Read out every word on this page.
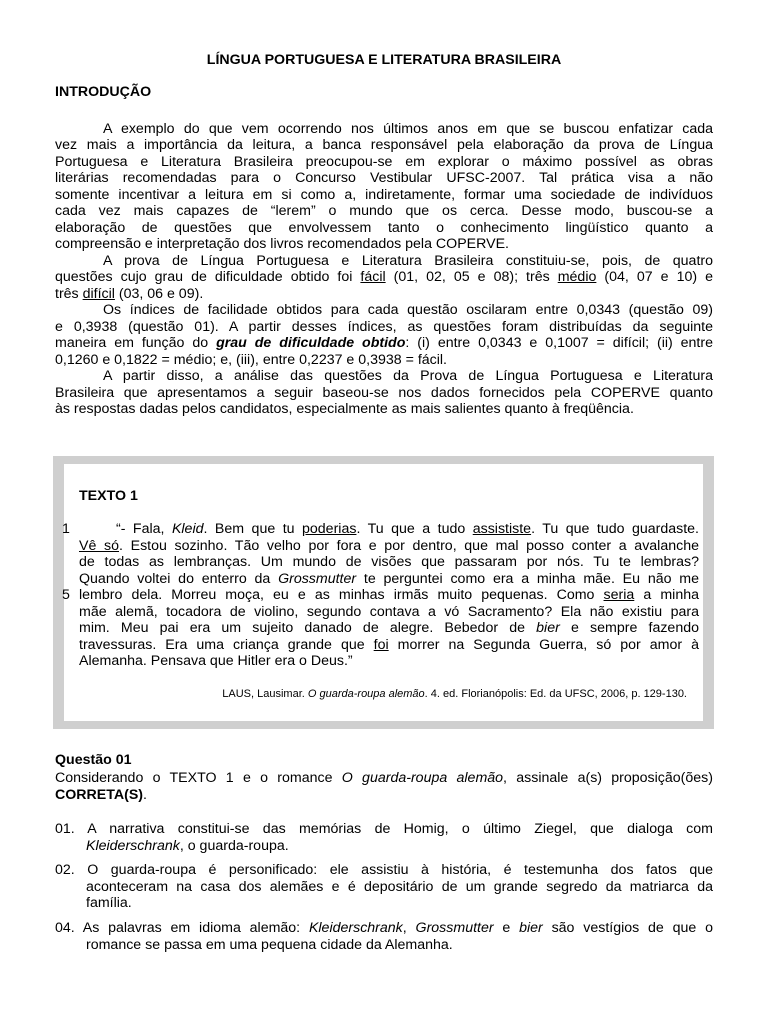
LÍNGUA PORTUGUESA E LITERATURA BRASILEIRA
INTRODUÇÃO
A exemplo do que vem ocorrendo nos últimos anos em que se buscou enfatizar cada
vez mais a importância da leitura, a banca responsável pela elaboração da prova de Língua
Portuguesa e Literatura Brasileira preocupou-se em explorar o máximo possível as obras
literárias recomendadas para o Concurso Vestibular UFSC-2007. Tal prática visa a não
somente incentivar a leitura em si como a, indiretamente, formar uma sociedade de indivíduos
cada vez mais capazes de “lerem” o mundo que os cerca. Desse modo, buscou-se a
elaboração de questões que envolvessem tanto o conhecimento lingüístico quanto a
compreensão e interpretação dos livros recomendados pela COPERVE.
A prova de Língua Portuguesa e Literatura Brasileira constituiu-se, pois, de quatro
questões cujo grau de dificuldade obtido foi fácil (01, 02, 05 e 08); três médio (04, 07 e 10) e
três difícil (03, 06 e 09).
Os índices de facilidade obtidos para cada questão oscilaram entre 0,0343 (questão 09)
e 0,3938 (questão 01). A partir desses índices, as questões foram distribuídas da seguinte
maneira em função do grau de dificuldade obtido: (i) entre 0,0343 e 0,1007 = difícil; (ii) entre
0,1260 e 0,1822 = médio; e, (iii), entre 0,2237 e 0,3938 = fácil.
A partir disso, a análise das questões da Prova de Língua Portuguesa e Literatura
Brasileira que apresentamos a seguir baseou-se nos dados fornecidos pela COPERVE quanto
às respostas dadas pelos candidatos, especialmente as mais salientes quanto à freqüência.
TEXTO 1
1
5
“- Fala, Kleid. Bem que tu poderias. Tu que a tudo assististe. Tu que tudo guardaste.
Vê só. Estou sozinho. Tão velho por fora e por dentro, que mal posso conter a avalanche
de todas as lembranças. Um mundo de visões que passaram por nós. Tu te lembras?
Quando voltei do enterro da Grossmutter te perguntei como era a minha mãe. Eu não me
lembro dela. Morreu moça, eu e as minhas irmãs muito pequenas. Como seria a minha
mãe alemã, tocadora de violino, segundo contava a vó Sacramento? Ela não existiu para
mim. Meu pai era um sujeito danado de alegre. Bebedor de bier e sempre fazendo
travessuras. Era uma criança grande que foi morrer na Segunda Guerra, só por amor à
Alemanha. Pensava que Hitler era o Deus.”
LAUS, Lausimar. O guarda-roupa alemão. 4. ed. Florianópolis: Ed. da UFSC, 2006, p. 129-130.
Questão 01
Considerando o TEXTO 1 e o romance O guarda-roupa alemão, assinale a(s) proposição(ões)
CORRETA(S).
01. A narrativa constitui-se das memórias de Homig, o último Ziegel, que dialoga com
Kleiderschrank, o guarda-roupa.
02. O guarda-roupa é personificado: ele assistiu à história, é testemunha dos fatos que
aconteceram na casa dos alemães e é depositário de um grande segredo da matriarca da
família.
04. As palavras em idioma alemão: Kleiderschrank, Grossmutter e bier são vestígios de que o
romance se passa em uma pequena cidade da Alemanha.
